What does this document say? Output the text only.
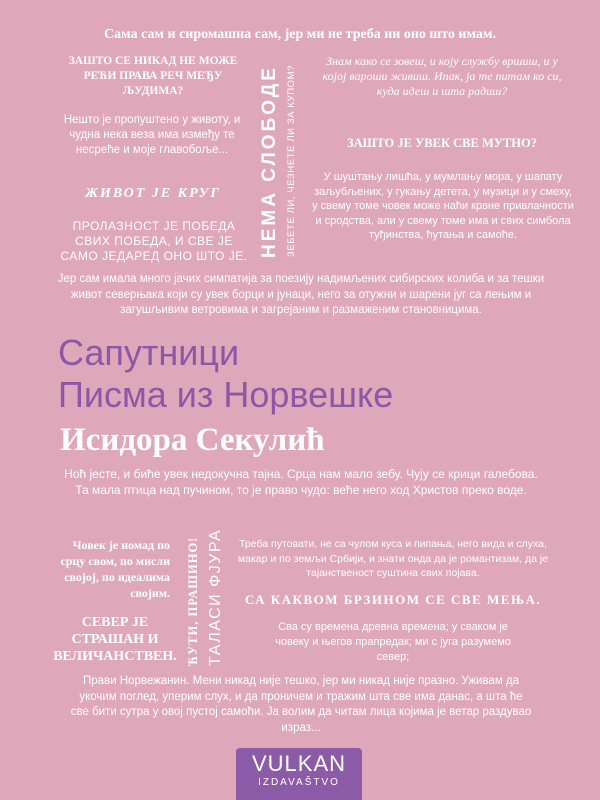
Сама сам и сиромашна сам, јер ми не треба ни оно што имам.
ЗАШТО СЕ НИКАД НЕ МОЖЕ РЕЋИ ПРАВА РЕЧ МЕЂУ ЉУДИМА?
Нешто је пропуштено у животу, и чудна нека веза има између те несреће и моје главобоље...
ЖИВОТ ЈЕ КРУГ
ПРОЛАЗНОСТ ЈЕ ПОБЕДА СВИХ ПОБЕДА, И СВЕ ЈЕ САМО ЈЕДАРЕД ОНО ШТО ЈЕ. НЕМА СЛОБОДЕ ЗЕБЕТЕ ЛИ, ЧЕЗНЕТЕ ЛИ ЗА КУПОМ?
Знам како се зовеш, и коју службу вршиш, и у којој вароши живиш. Ипак, ја те питам ко си, куда идеш и шта радиш?
ЗАШТО ЈЕ УВЕК СВЕ МУТНО?
У шуштању лишћа, у мумлању мора, у шапату заљубљених, у гукању детета, у музици и у смеху, у свему томе човек може наћи крвне привлачности и сродства, али у свему томе има и свих симбола туђинства, ћутања и самоће.
Јер сам имала много јачих симпатија за поезију надимљених сибирских колиба и за тешки живот северњака који су увек борци и јунаци, него за отужни и шарени југ са лењим и загушљивим ветровима и загрејаним и размаженим становницима.
Сапутници
Писма из Норвешке
Исидора Секулић
Ноћ јесте, и биће увек недокучна тајна. Срца нам мало зебу. Чују се крици галебова. Та мала птица над пучином, то је право чудо: веће него ход Христов преко воде.
Човек је номад по срцу свом, по мисли својој, по идеалима својим.
СЕВЕР ЈЕ СТРАШАН И ВЕЛИЧАНСТВЕН. ЋУТИ, ПРАШИНО! ТАЛАСИ ФЈУРА	Треба путовати, не са чулом куса и пипања, него вида и слуха, макар и по земљи Србији, и знати онда да је романтизам, да је тајанственост суштина свих појава.
СА КАКВОМ БРЗИНОМ СЕ СВЕ МЕЊА.
Сва су времена древна времена; у сваком је човеку и његов прапредак; ми с југа разумемо север;
Прави Норвежанин. Мени никад није тешко, јер ми никад није празно. Уживам да укочим поглед, уперим слух, и да проничем и тражим шта све има данас, а шта ће све бити сутра у овој пустој самоћи. Ја волим да читам лица којима је ветар раздувао израз...
VULKAN
IZDAVAŠTVO
